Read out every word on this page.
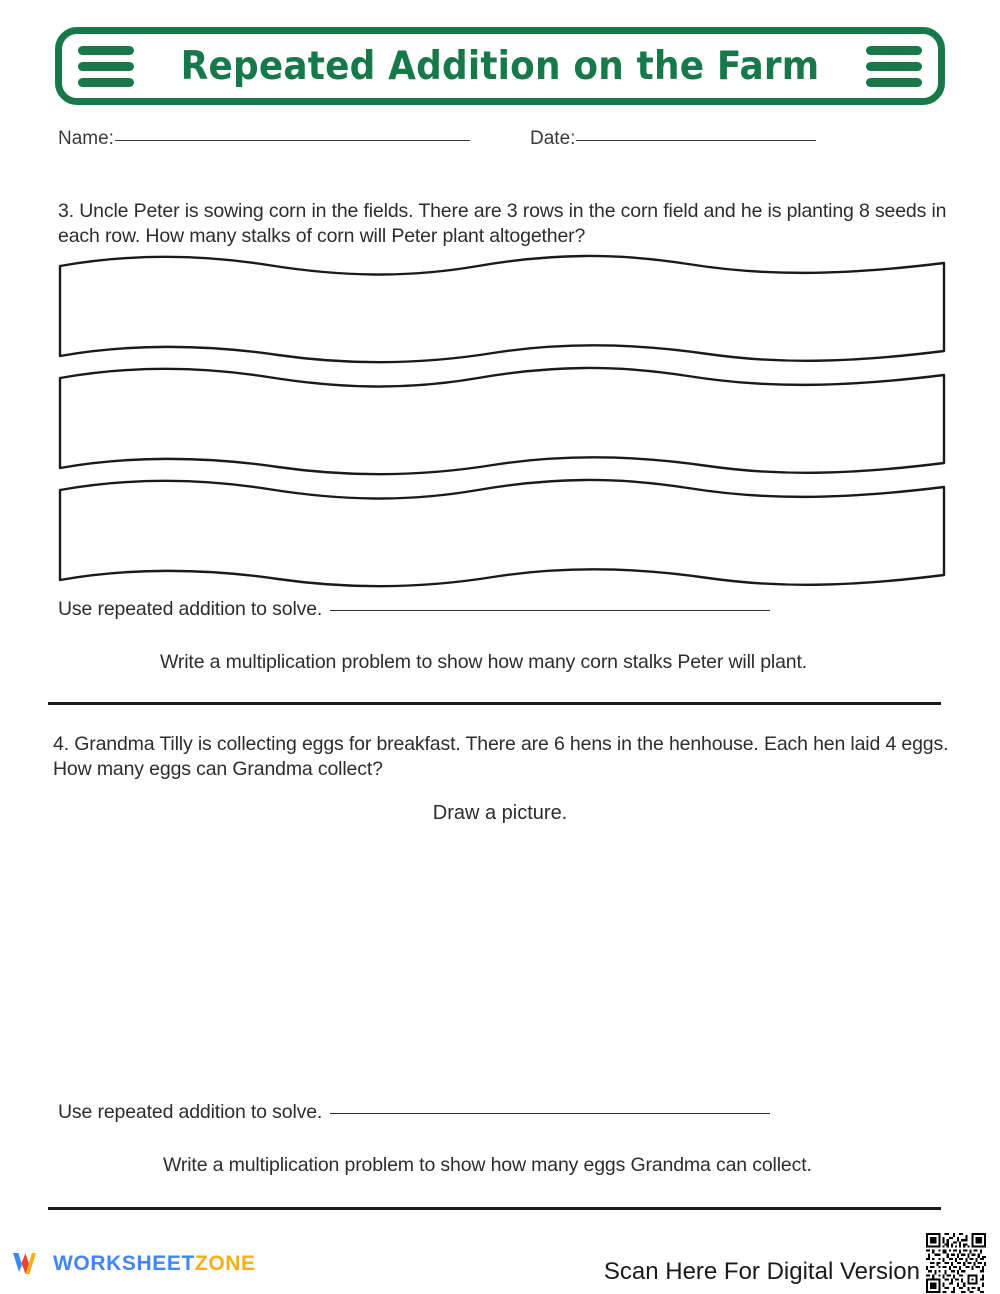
Repeated Addition on the Farm
Name:	Date:
3. Uncle Peter is sowing corn in the fields. There are 3 rows in the corn field and he is planting 8 seeds in each row. How many stalks of corn will Peter plant altogether?
Use repeated addition to solve.
Write a multiplication problem to show how many corn stalks Peter will plant.
4. Grandma Tilly is collecting eggs for breakfast. There are 6 hens in the henhouse. Each hen laid 4 eggs. How many eggs can Grandma collect?
Draw a picture.
Use repeated addition to solve.
Write a multiplication problem to show how many eggs Grandma can collect.
WORKSHEETZONE	Scan Here For Digital Version
